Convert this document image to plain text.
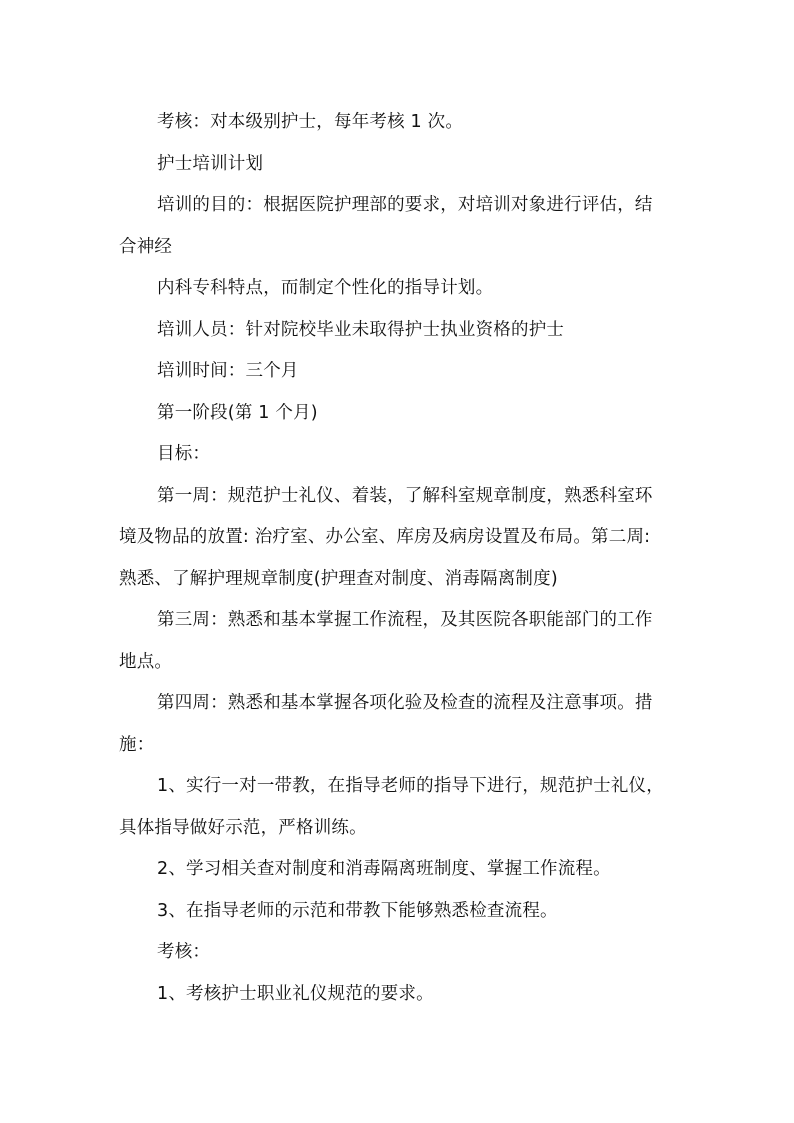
考核：对本级别护士，每年考核 1 次。

护士培训计划

培训的目的：根据医院护理部的要求，对培训对象进行评估，结
合神经

内科专科特点，而制定个性化的指导计划。

培训人员：针对院校毕业未取得护士执业资格的护士

培训时间：三个月

第一阶段(第 1 个月)

目标：

第一周：规范护士礼仪、着装，了解科室规章制度，熟悉科室环
境及物品的放置: 治疗室、办公室、库房及病房设置及布局。第二周:
熟悉、了解护理规章制度(护理查对制度、消毒隔离制度)

第三周：熟悉和基本掌握工作流程，及其医院各职能部门的工作
地点。

第四周：熟悉和基本掌握各项化验及检查的流程及注意事项。措
施：

1、实行一对一带教，在指导老师的指导下进行，规范护士礼仪，
具体指导做好示范，严格训练。

2、学习相关查对制度和消毒隔离班制度、掌握工作流程。

3、在指导老师的示范和带教下能够熟悉检查流程。

考核：

1、考核护士职业礼仪规范的要求。
